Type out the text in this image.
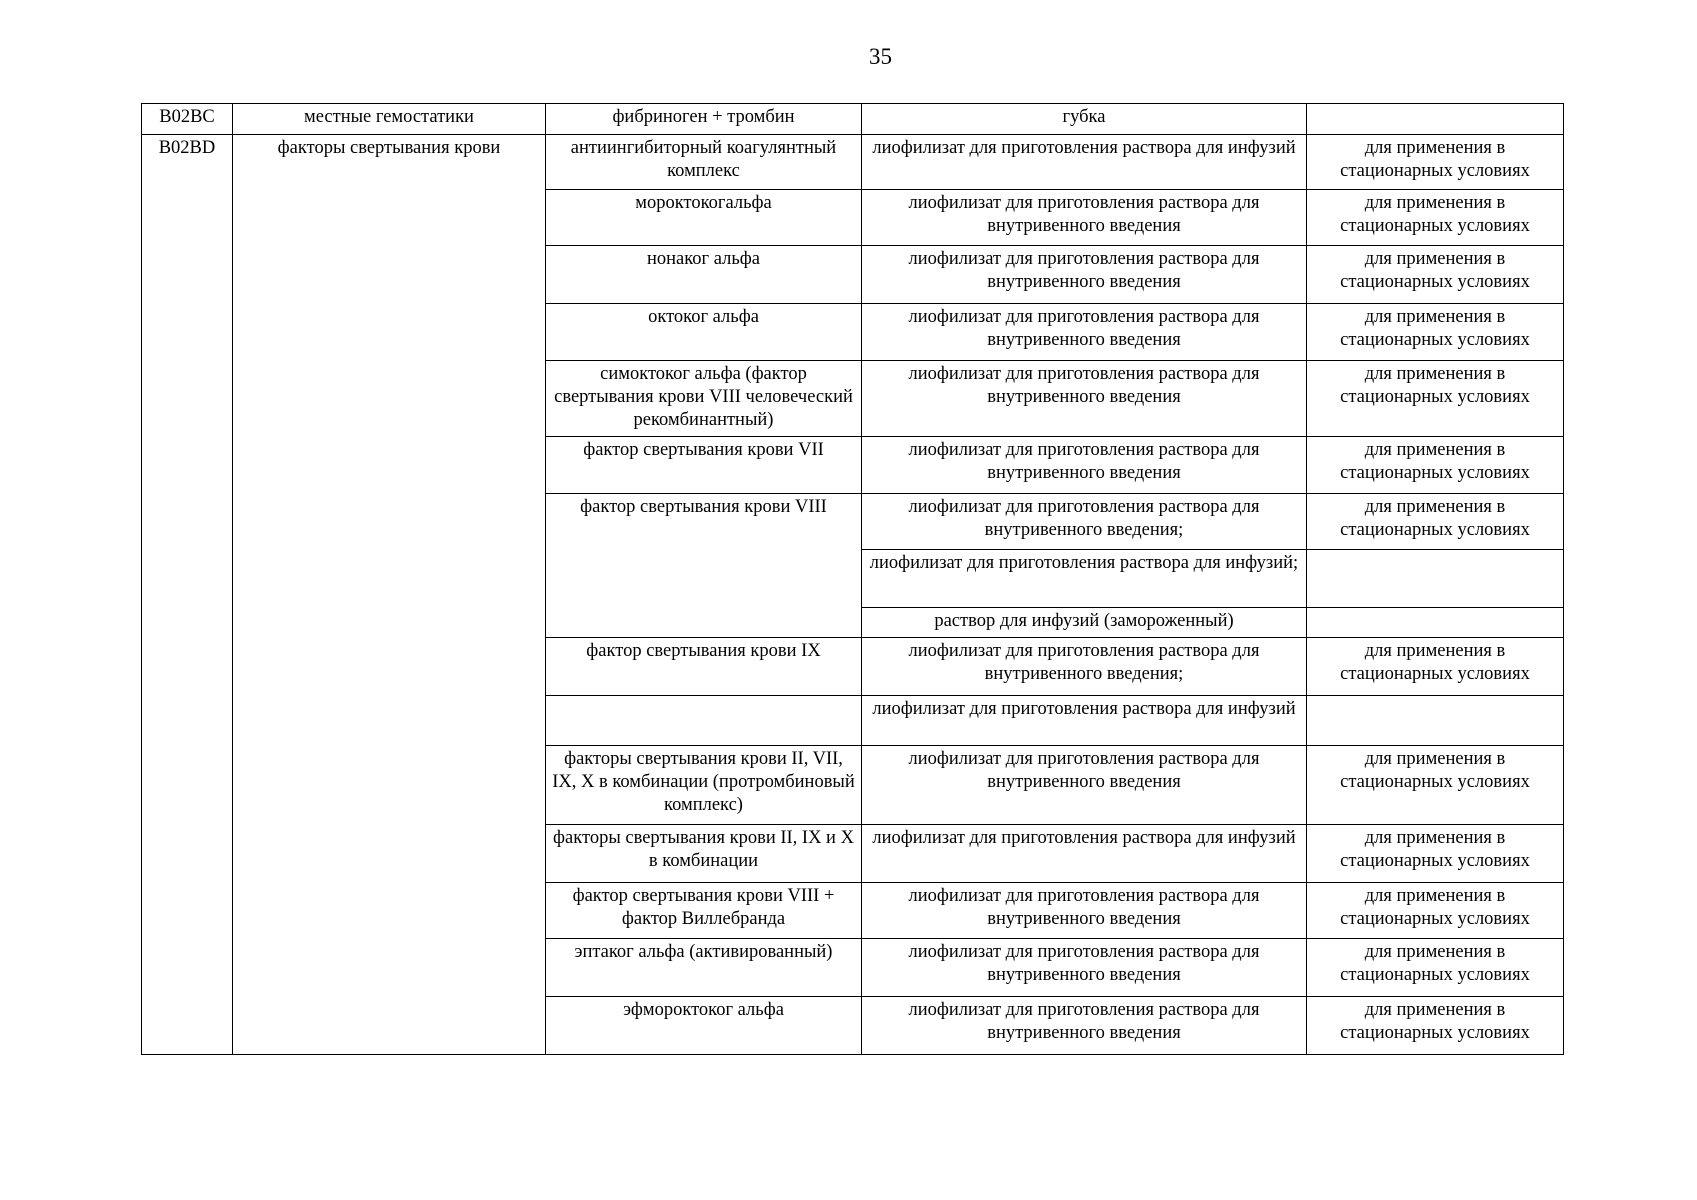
35
B02BC	местные гемостатики	фибриноген + тромбин	губка	
B02BD	факторы свертывания крови	антиингибиторный коагулянтный комплекс	лиофилизат для приготовления раствора для инфузий	для применения в стационарных условиях
		мороктокогальфа	лиофилизат для приготовления раствора для внутривенного введения	для применения в стационарных условиях
		нонаког альфа	лиофилизат для приготовления раствора для внутривенного введения	для применения в стационарных условиях
		октоког альфа	лиофилизат для приготовления раствора для внутривенного введения	для применения в стационарных условиях
		симоктоког альфа (фактор свертывания крови VIII человеческий рекомбинантный)	лиофилизат для приготовления раствора для внутривенного введения	для применения в стационарных условиях
		фактор свертывания крови VII	лиофилизат для приготовления раствора для внутривенного введения	для применения в стационарных условиях
		фактор свертывания крови VIII	лиофилизат для приготовления раствора для внутривенного введения;	для применения в стационарных условиях
			лиофилизат для приготовления раствора для инфузий;	
			раствор для инфузий (замороженный)	
		фактор свертывания крови IX	лиофилизат для приготовления раствора для внутривенного введения;	для применения в стационарных условиях
			лиофилизат для приготовления раствора для инфузий	
		факторы свертывания крови II, VII, IX, X в комбинации (протромбиновый комплекс)	лиофилизат для приготовления раствора для внутривенного введения	для применения в стационарных условиях
		факторы свертывания крови II, IX и X в комбинации	лиофилизат для приготовления раствора для инфузий	для применения в стационарных условиях
		фактор свертывания крови VIII + фактор Виллебранда	лиофилизат для приготовления раствора для внутривенного введения	для применения в стационарных условиях
		эптаког альфа (активированный)	лиофилизат для приготовления раствора для внутривенного введения	для применения в стационарных условиях
		эфмороктоког альфа	лиофилизат для приготовления раствора для внутривенного введения	для применения в стационарных условиях
